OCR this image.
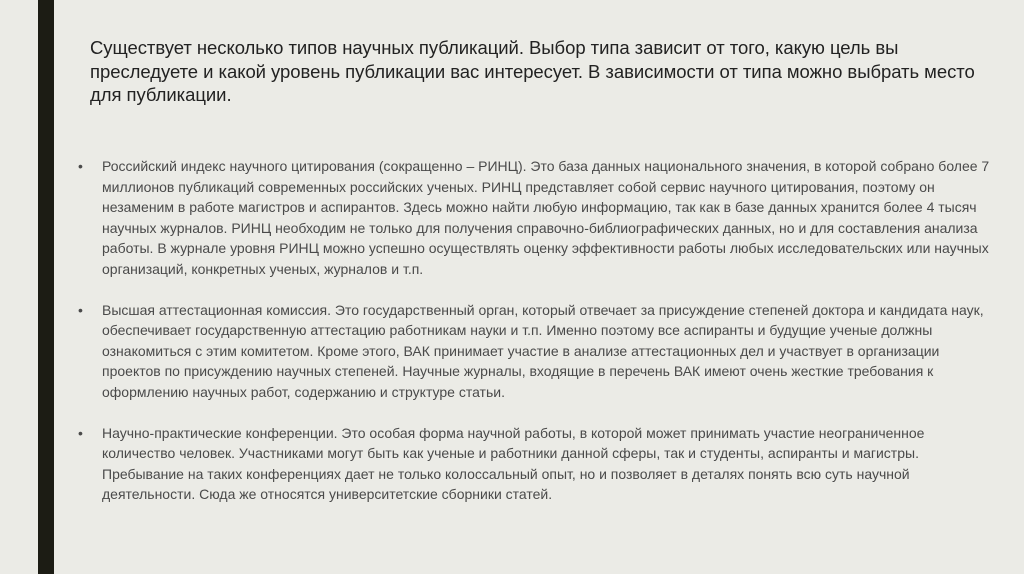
Существует несколько типов научных публикаций. Выбор типа зависит от того, какую цель вы преследуете и какой уровень публикации вас интересует. В зависимости от типа можно выбрать место для публикации.

• Российский индекс научного цитирования (сокращенно – РИНЦ). Это база данных национального значения, в которой собрано более 7 миллионов публикаций современных российских ученых. РИНЦ представляет собой сервис научного цитирования, поэтому он незаменим в работе магистров и аспирантов. Здесь можно найти любую информацию, так как в базе данных хранится более 4 тысяч научных журналов. РИНЦ необходим не только для получения справочно-библиографических данных, но и для составления анализа работы. В журнале уровня РИНЦ можно успешно осуществлять оценку эффективности работы любых исследовательских или научных организаций, конкретных ученых, журналов и т.п.
• Высшая аттестационная комиссия. Это государственный орган, который отвечает за присуждение степеней доктора и кандидата наук, обеспечивает государственную аттестацию работникам науки и т.п. Именно поэтому все аспиранты и будущие ученые должны ознакомиться с этим комитетом. Кроме этого, ВАК принимает участие в анализе аттестационных дел и участвует в организации проектов по присуждению научных степеней. Научные журналы, входящие в перечень ВАК имеют очень жесткие требования к оформлению научных работ, содержанию и структуре статьи.
• Научно-практические конференции. Это особая форма научной работы, в которой может принимать участие неограниченное количество человек. Участниками могут быть как ученые и работники данной сферы, так и студенты, аспиранты и магистры. Пребывание на таких конференциях дает не только колоссальный опыт, но и позволяет в деталях понять всю суть научной деятельности. Сюда же относятся университетские сборники статей.
